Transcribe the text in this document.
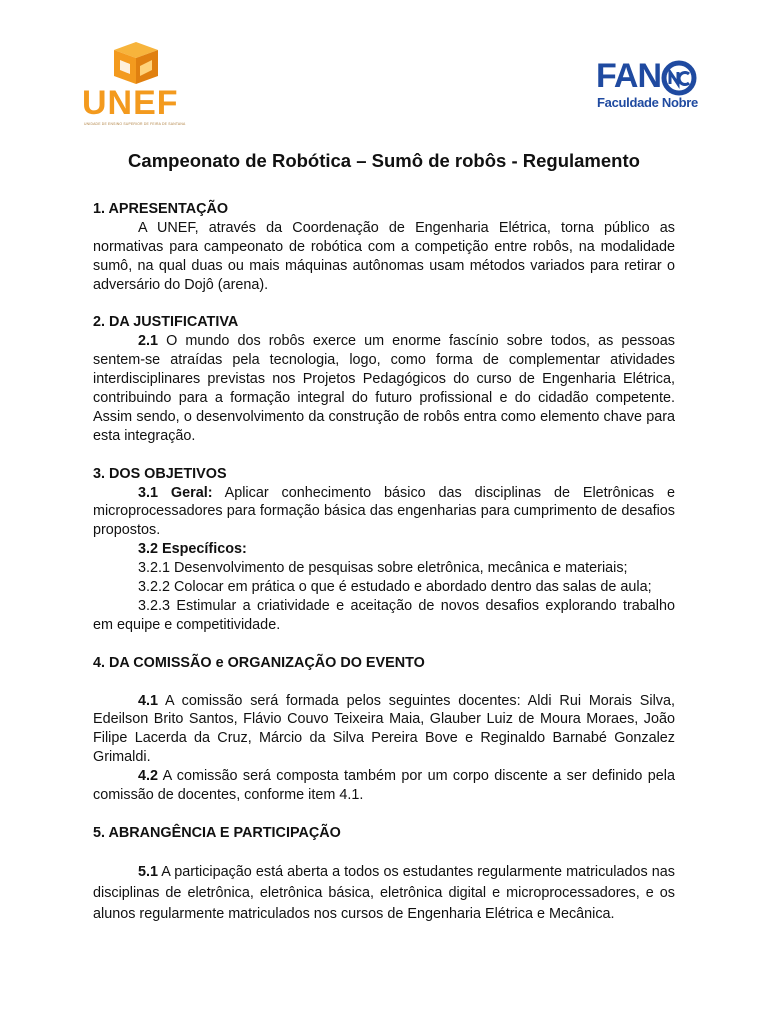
UNEF
UNIDADE DE ENSINO SUPERIOR DE FEIRA DE SANTANA
FAN
Faculdade Nobre
Campeonato de Robótica – Sumô de robôs - Regulamento
1. APRESENTAÇÃO

A UNEF, através da Coordenação de Engenharia Elétrica, torna público as normativas para campeonato de robótica com a competição entre robôs, na modalidade sumô, na qual duas ou mais máquinas autônomas usam métodos variados para retirar o adversário do Dojô (arena).

2. DA JUSTIFICATIVA

2.1 O mundo dos robôs exerce um enorme fascínio sobre todos, as pessoas sentem-se atraídas pela tecnologia, logo, como forma de complementar atividades interdisciplinares previstas nos Projetos Pedagógicos do curso de Engenharia Elétrica, contribuindo para a formação integral do futuro profissional e do cidadão competente. Assim sendo, o desenvolvimento da construção de robôs entra como elemento chave para esta integração.

3. DOS OBJETIVOS

3.1 Geral: Aplicar conhecimento básico das disciplinas de Eletrônicas e microprocessadores para formação básica das engenharias para cumprimento de desafios propostos.

3.2 Específicos:

3.2.1 Desenvolvimento de pesquisas sobre eletrônica, mecânica e materiais;

3.2.2 Colocar em prática o que é estudado e abordado dentro das salas de aula;

3.2.3 Estimular a criatividade e aceitação de novos desafios explorando trabalho em equipe e competitividade.

4. DA COMISSÃO e ORGANIZAÇÃO DO EVENTO

4.1 A comissão será formada pelos seguintes docentes: Aldi Rui Morais Silva, Edeilson Brito Santos, Flávio Couvo Teixeira Maia, Glauber Luiz de Moura Moraes, João Filipe Lacerda da Cruz, Márcio da Silva Pereira Bove e Reginaldo Barnabé Gonzalez Grimaldi.

4.2 A comissão será composta também por um corpo discente a ser definido pela comissão de docentes, conforme item 4.1.

5. ABRANGÊNCIA E PARTICIPAÇÃO

5.1 A participação está aberta a todos os estudantes regularmente matriculados nas disciplinas de eletrônica, eletrônica básica, eletrônica digital e microprocessadores, e os alunos regularmente matriculados nos cursos de Engenharia Elétrica e Mecânica.
